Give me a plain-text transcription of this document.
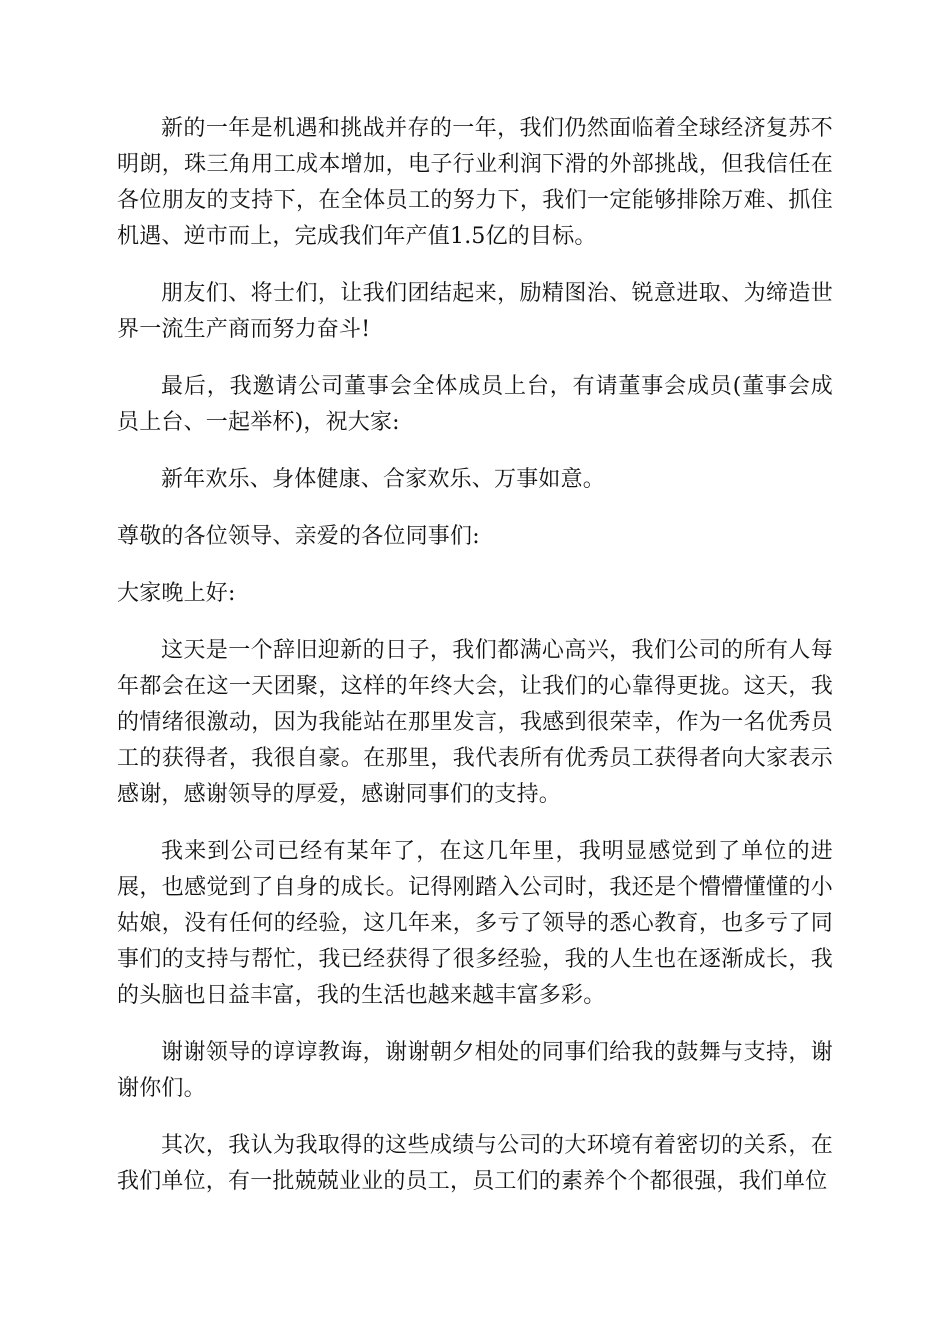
新的一年是机遇和挑战并存的一年，我们仍然面临着全球经济复苏不明朗，珠三角用工成本增加，电子行业利润下滑的外部挑战，但我信任在各位朋友的支持下，在全体员工的努力下，我们一定能够排除万难、抓住机遇、逆市而上，完成我们年产值1.5亿的目标。

朋友们、将士们，让我们团结起来，励精图治、锐意进取、为缔造世界一流生产商而努力奋斗!

最后，我邀请公司董事会全体成员上台，有请董事会成员(董事会成员上台、一起举杯)，祝大家:

新年欢乐、身体健康、合家欢乐、万事如意。

尊敬的各位领导、亲爱的各位同事们:

大家晚上好:

这天是一个辞旧迎新的日子，我们都满心高兴，我们公司的所有人每年都会在这一天团聚，这样的年终大会，让我们的心靠得更拢。这天，我的情绪很激动，因为我能站在那里发言，我感到很荣幸，作为一名优秀员工的获得者，我很自豪。在那里，我代表所有优秀员工获得者向大家表示感谢，感谢领导的厚爱，感谢同事们的支持。

我来到公司已经有某年了，在这几年里，我明显感觉到了单位的进展，也感觉到了自身的成长。记得刚踏入公司时，我还是个懵懵懂懂的小姑娘，没有任何的经验，这几年来，多亏了领导的悉心教育，也多亏了同事们的支持与帮忙，我已经获得了很多经验，我的人生也在逐渐成长，我的头脑也日益丰富，我的生活也越来越丰富多彩。

谢谢领导的谆谆教诲，谢谢朝夕相处的同事们给我的鼓舞与支持，谢谢你们。

其次，我认为我取得的这些成绩与公司的大环境有着密切的关系，在我们单位，有一批兢兢业业的员工，员工们的素养个个都很强，我们单位
